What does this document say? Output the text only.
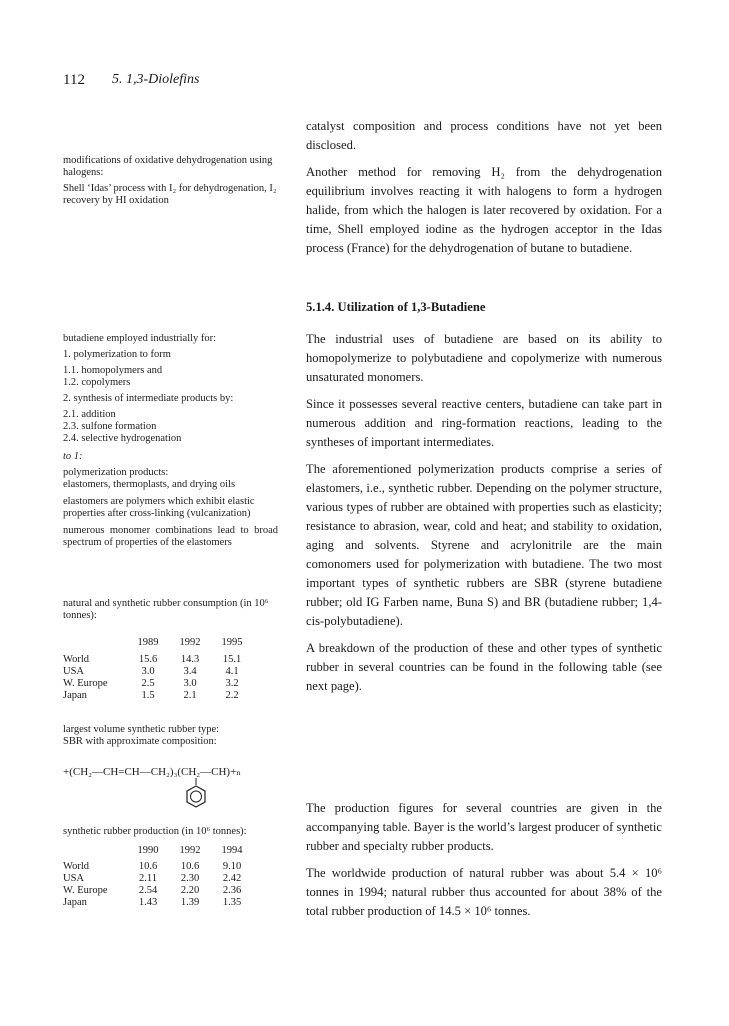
112 5. 1,3-Diolefins

modifications of oxidative dehydrogenation using halogens:

Shell ‘Idas’ process with I₂ for dehydrogenation, I₂ recovery by HI oxidation

butadiene employed industrially for:

1. polymerization to form

1.1. homopolymers and

1.2. copolymers

2. synthesis of intermediate products by:

2.1. addition

2.3. sulfone formation

2.4. selective hydrogenation

to 1:

polymerization products:

elastomers, thermoplasts, and drying oils

elastomers are polymers which exhibit elastic properties after cross-linking (vulcanization)

numerous monomer combinations lead to broad spectrum of properties of the elastomers

natural and synthetic rubber consumption (in 10⁶ tonnes):

	1989	1992	1995

World	15.6	14.3	15.1
USA	3.0	3.4	4.1
W. Europe	2.5	3.0	3.2
Japan	1.5	2.1	2.2

largest volume synthetic rubber type:

SBR with approximate composition:

+(CH₂—CH=CH—CH₂)₃(CH₂—CH)+ₙ

synthetic rubber production (in 10⁶ tonnes):

	1990	1992	1994

World	10.6	10.6	9.10
USA	2.11	2.30	2.42
W. Europe	2.54	2.20	2.36
Japan	1.43	1.39	1.35

catalyst composition and process conditions have not yet been disclosed.

Another method for removing H₂ from the dehydrogenation equilibrium involves reacting it with halogens to form a hydrogen halide, from which the halogen is later recovered by oxidation. For a time, Shell employed iodine as the hydrogen acceptor in the Idas process (France) for the dehydrogenation of butane to butadiene.

5.1.4. Utilization of 1,3-Butadiene

The industrial uses of butadiene are based on its ability to homopolymerize to polybutadiene and copolymerize with numerous unsaturated monomers.

Since it possesses several reactive centers, butadiene can take part in numerous addition and ring-formation reactions, leading to the syntheses of important intermediates.

The aforementioned polymerization products comprise a series of elastomers, i.e., synthetic rubber. Depending on the polymer structure, various types of rubber are obtained with properties such as elasticity; resistance to abrasion, wear, cold and heat; and stability to oxidation, aging and solvents. Styrene and acrylonitrile are the main comonomers used for polymerization with butadiene. The two most important types of synthetic rubbers are SBR (styrene butadiene rubber; old IG Farben name, Buna S) and BR (butadiene rubber; 1,4-cis-polybutadiene).

A breakdown of the production of these and other types of synthetic rubber in several countries can be found in the following table (see next page).

The production figures for several countries are given in the accompanying table. Bayer is the world’s largest producer of synthetic rubber and specialty rubber products.

The worldwide production of natural rubber was about 5.4 × 10⁶ tonnes in 1994; natural rubber thus accounted for about 38% of the total rubber production of 14.5 × 10⁶ tonnes.
